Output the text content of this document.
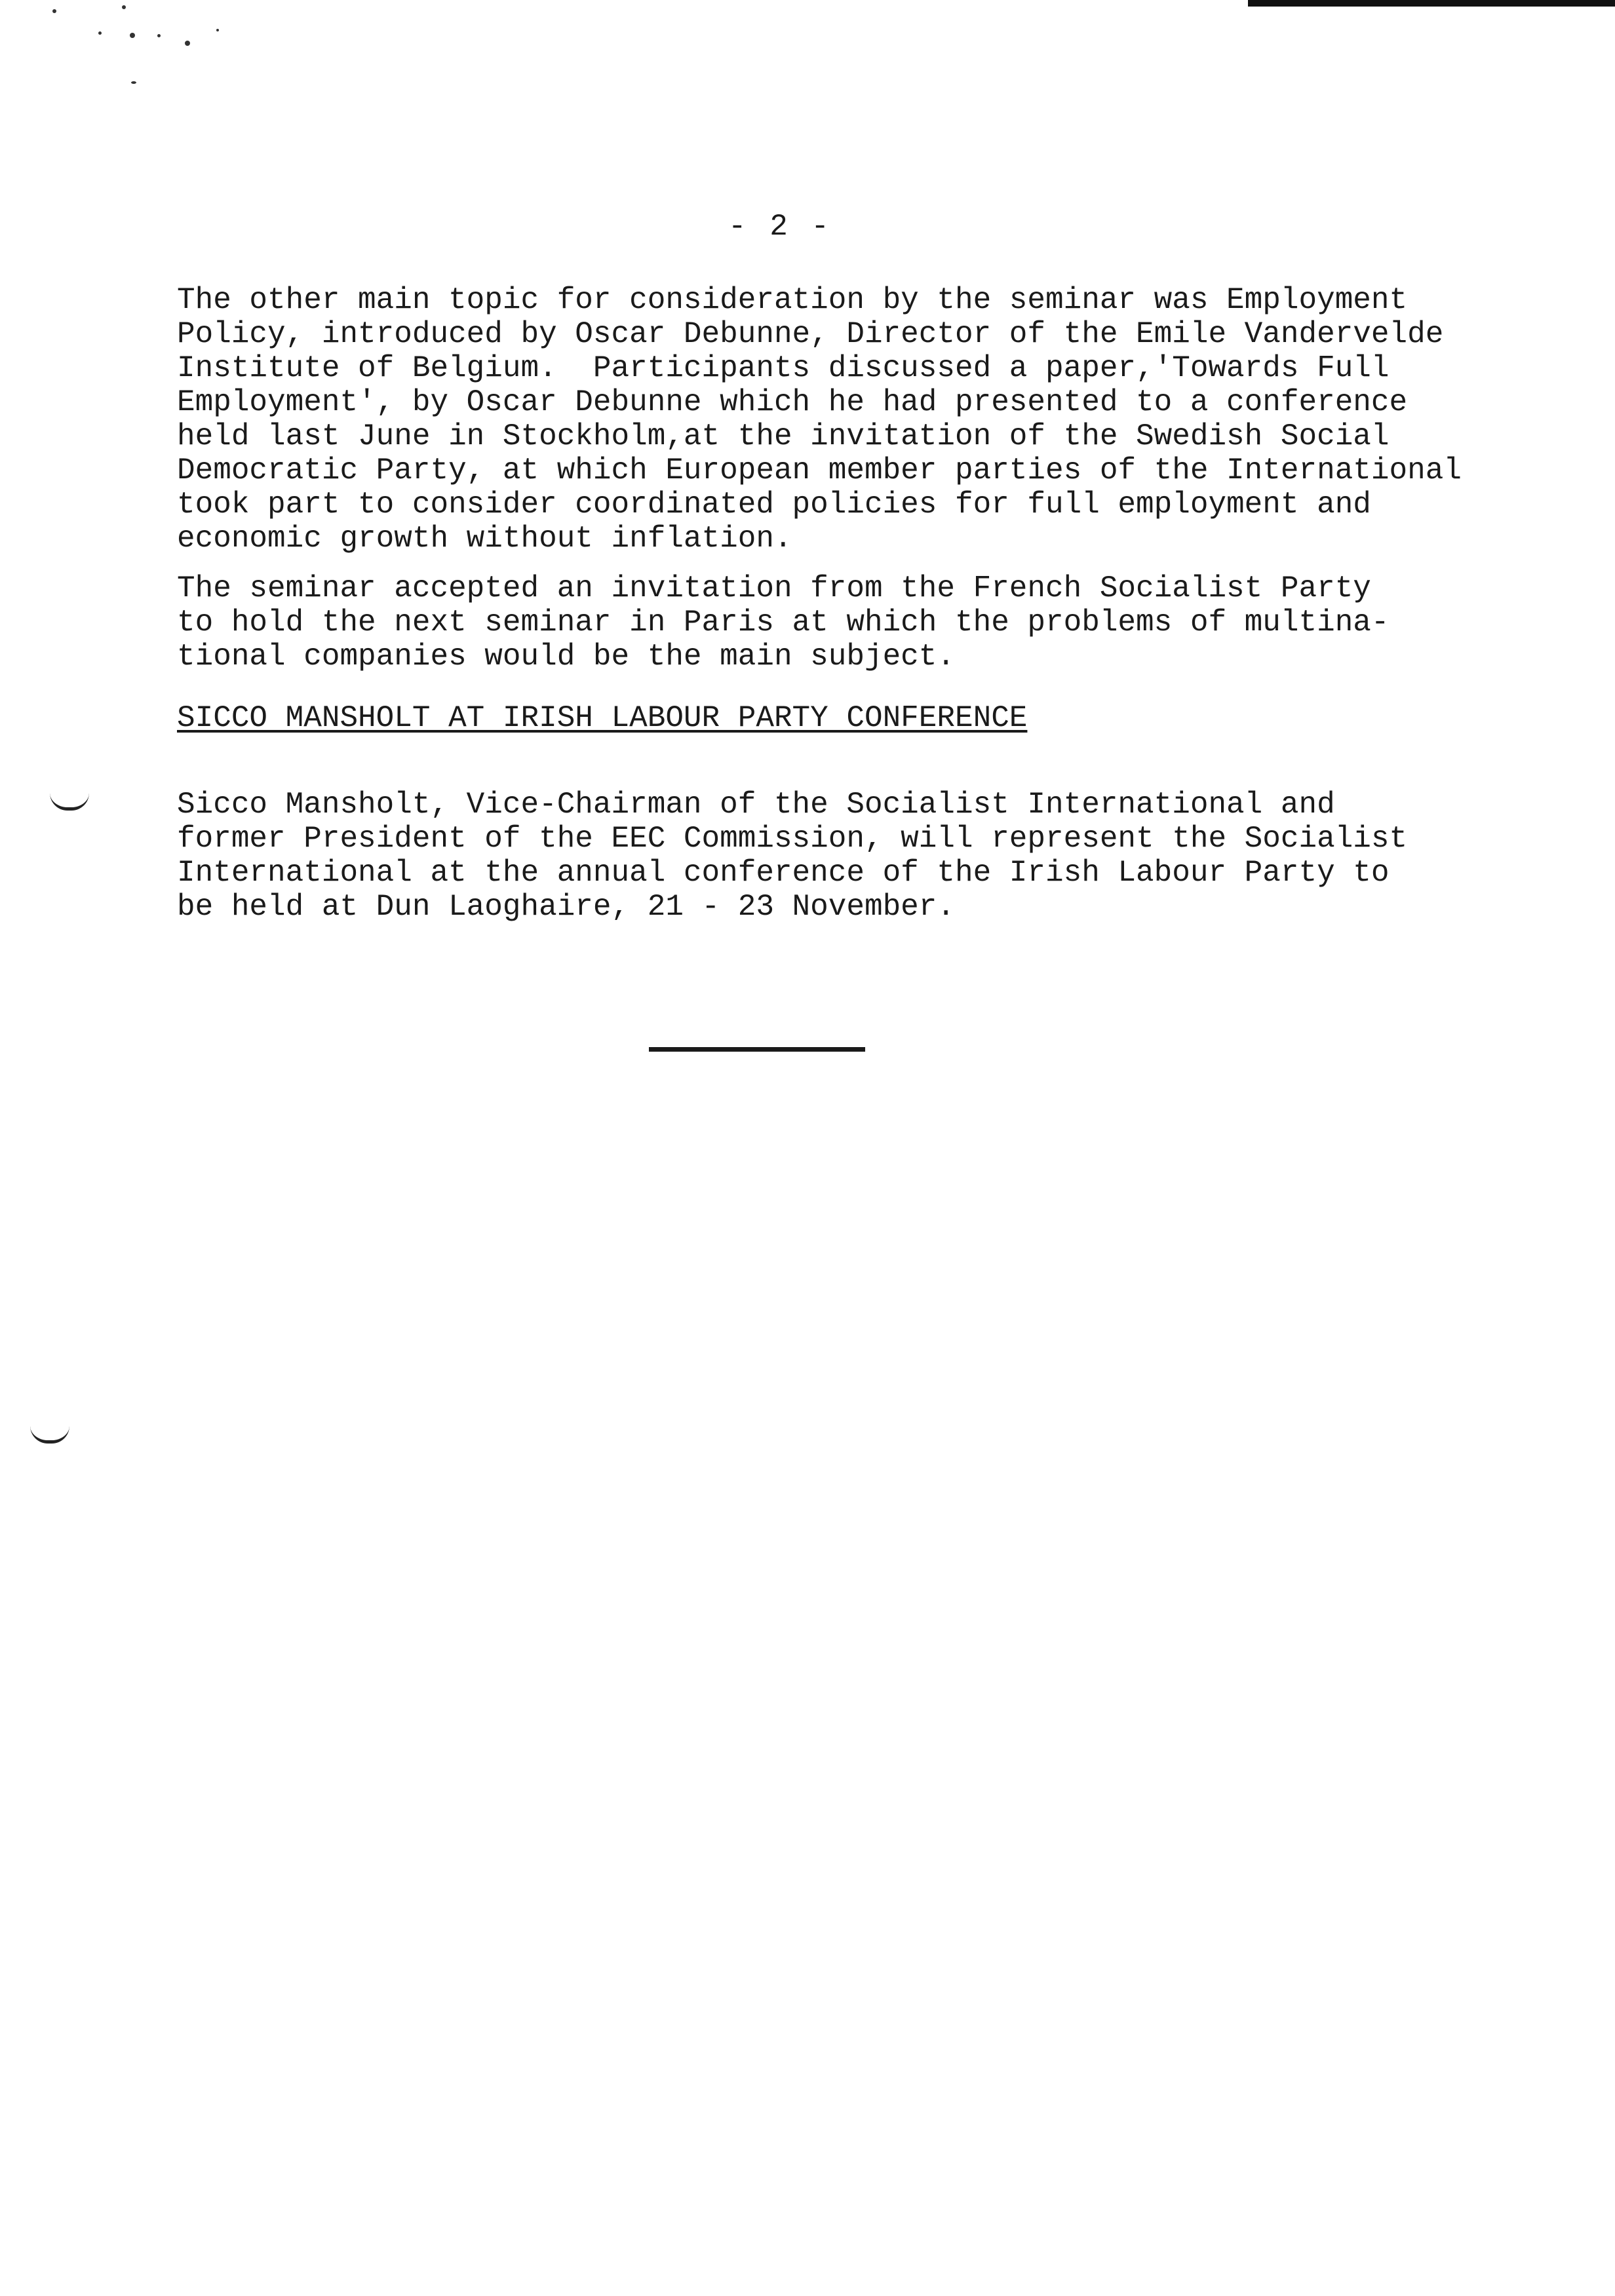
- 2 -

The other main topic for consideration by the seminar was Employment
Policy, introduced by Oscar Debunne, Director of the Emile Vandervelde
Institute of Belgium.  Participants discussed a paper,'Towards Full
Employment', by Oscar Debunne which he had presented to a conference
held last June in Stockholm,at the invitation of the Swedish Social
Democratic Party, at which European member parties of the International
took part to consider coordinated policies for full employment and
economic growth without inflation.

The seminar accepted an invitation from the French Socialist Party
to hold the next seminar in Paris at which the problems of multina-
tional companies would be the main subject.

SICCO MANSHOLT AT IRISH LABOUR PARTY CONFERENCE

Sicco Mansholt, Vice-Chairman of the Socialist International and
former President of the EEC Commission, will represent the Socialist
International at the annual conference of the Irish Labour Party to
be held at Dun Laoghaire, 21 - 23 November.
